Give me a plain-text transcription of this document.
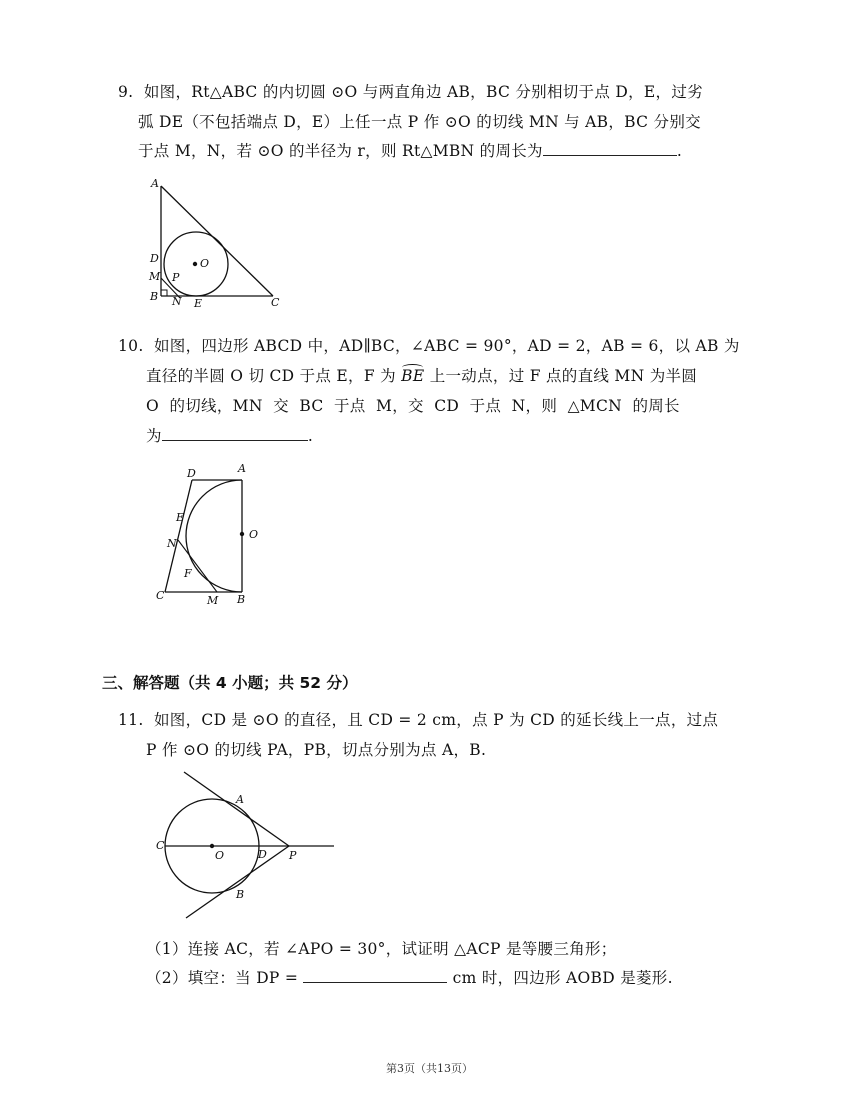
9.  如图，Rt△ABC 的内切圆 ⊙O 与两直角边 AB，BC 分别相切于点 D，E，过劣
弧 DE（不包括端点 D，E）上任一点 P 作 ⊙O 的切线 MN 与 AB，BC 分别交
于点 M，N，若 ⊙O 的半径为 r，则 Rt△MBN 的周长为	.
A
D	O
M P
B N E	C
10.  如图，四边形 ABCD 中，AD∥BC，∠ABC = 90°，AD = 2，AB = 6，以 AB 为
直径的半圆 O 切 CD 于点 E，F 为
BE 上一动点，过 F 点的直线 MN 为半圆
O  的切线，MN  交  BC  于点  M，交  CD  于点  N，则  △MCN  的周长
为	.
D	A
E
O
N
F
C	M B
三、解答题（共 4 小题；共 52 分）
11.  如图，CD 是 ⊙O 的直径，且 CD = 2 cm，点 P 为 CD 的延长线上一点，过点
P 作 ⊙O 的切线 PA，PB，切点分别为点 A，B.
A
C
O	D P
B
（1）连接 AC，若 ∠APO = 30°，试证明 △ACP 是等腰三角形；
（2）填空：当 DP =	cm 时，四边形 AOBD 是菱形.
第3页（共13页）
